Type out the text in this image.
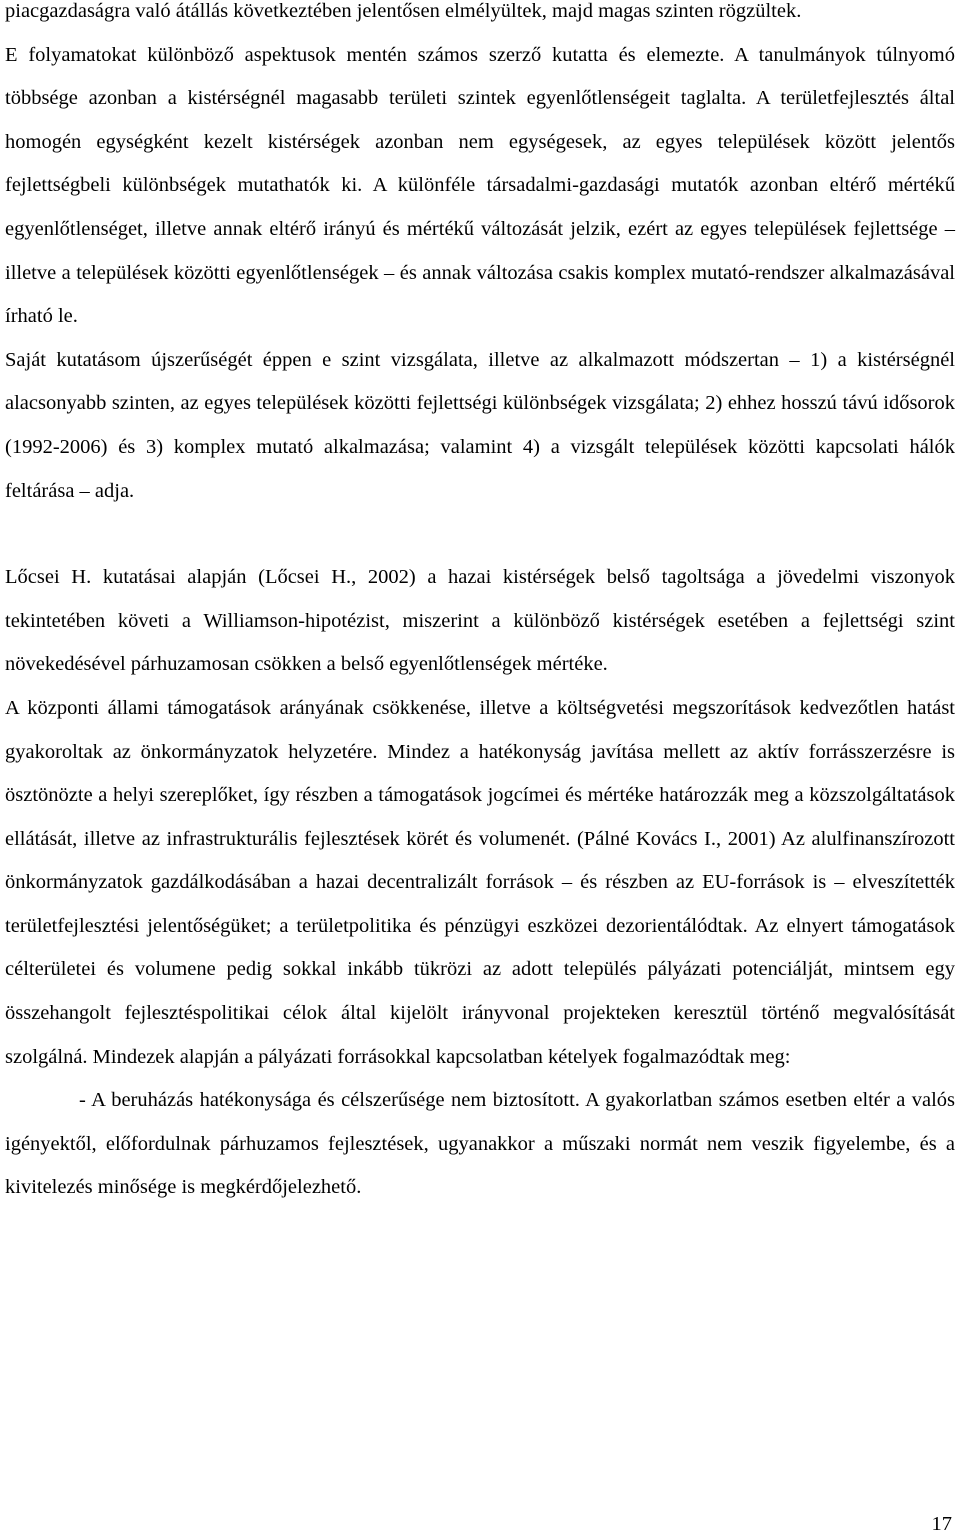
piacgazdaságra való átállás következtében jelentősen elmélyültek, majd magas szinten rögzültek.

E folyamatokat különböző aspektusok mentén számos szerző kutatta és elemezte. A tanulmányok túlnyomó többsége azonban a kistérségnél magasabb területi szintek egyenlőtlenségeit taglalta. A területfejlesztés által homogén egységként kezelt kistérségek azonban nem egységesek, az egyes települések között jelentős fejlettségbeli különbségek mutathatók ki. A különféle társadalmi-gazdasági mutatók azonban eltérő mértékű egyenlőtlenséget, illetve annak eltérő irányú és mértékű változását jelzik, ezért az egyes települések fejlettsége – illetve a települések közötti egyenlőtlenségek – és annak változása csakis komplex mutató-rendszer alkalmazásával írható le.

Saját kutatásom újszerűségét éppen e szint vizsgálata, illetve az alkalmazott módszertan – 1) a kistérségnél alacsonyabb szinten, az egyes települések közötti fejlettségi különbségek vizsgálata; 2) ehhez hosszú távú idősorok (1992-2006) és 3) komplex mutató alkalmazása; valamint 4) a vizsgált települések közötti kapcsolati hálók feltárása – adja.

Lőcsei H. kutatásai alapján (Lőcsei H., 2002) a hazai kistérségek belső tagoltsága a jövedelmi viszonyok tekintetében követi a Williamson-hipotézist, miszerint a különböző kistérségek esetében a fejlettségi szint növekedésével párhuzamosan csökken a belső egyenlőtlenségek mértéke.

A központi állami támogatások arányának csökkenése, illetve a költségvetési megszorítások kedvezőtlen hatást gyakoroltak az önkormányzatok helyzetére. Mindez a hatékonyság javítása mellett az aktív forrásszerzésre is ösztönözte a helyi szereplőket, így részben a támogatások jogcímei és mértéke határozzák meg a közszolgáltatások ellátását, illetve az infrastrukturális fejlesztések körét és volumenét. (Pálné Kovács I., 2001) Az alulfinanszírozott önkormányzatok gazdálkodásában a hazai decentralizált források – és részben az EU-források is – elveszítették területfejlesztési jelentőségüket; a területpolitika és pénzügyi eszközei dezorientálódtak. Az elnyert támogatások célterületei és volumene pedig sokkal inkább tükrözi az adott település pályázati potenciálját, mintsem egy összehangolt fejlesztéspolitikai célok által kijelölt irányvonal projekteken keresztül történő megvalósítását szolgálná. Mindezek alapján a pályázati forrásokkal kapcsolatban kételyek fogalmazódtak meg:

- A beruházás hatékonysága és célszerűsége nem biztosított. A gyakorlatban számos esetben eltér a valós igényektől, előfordulnak párhuzamos fejlesztések, ugyanakkor a műszaki normát nem veszik figyelembe, és a kivitelezés minősége is megkérdőjelezhető.

17
